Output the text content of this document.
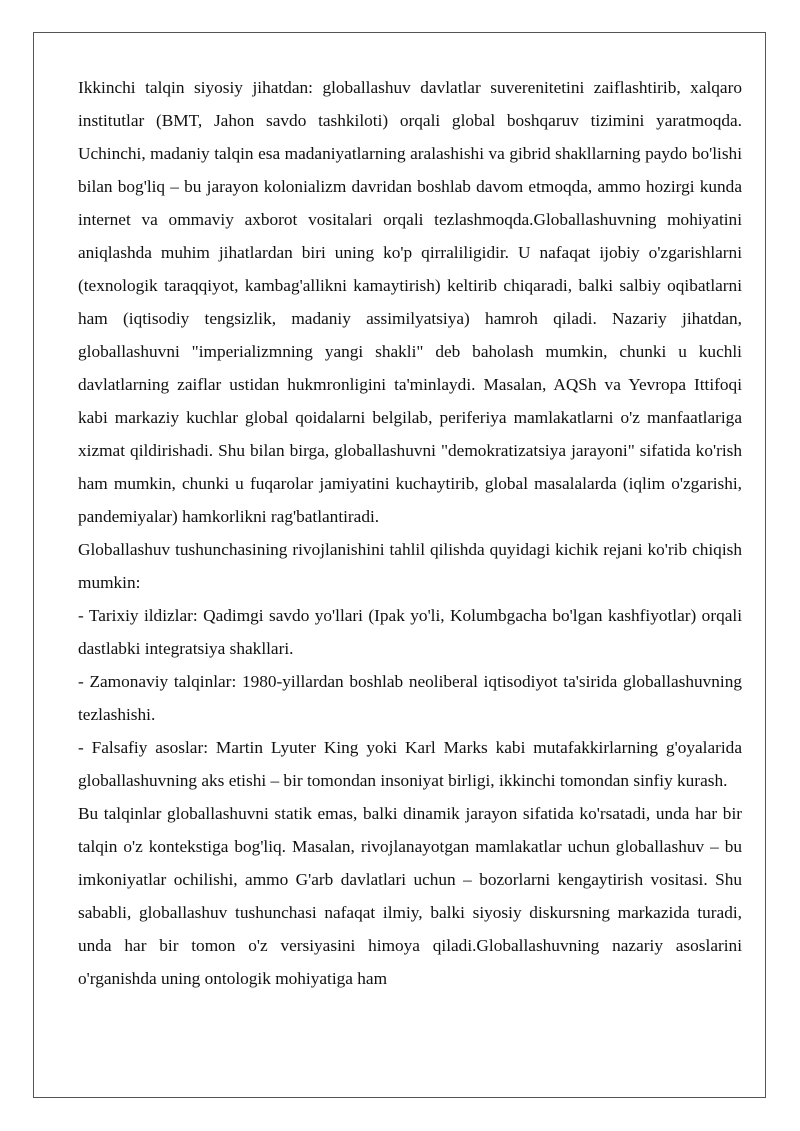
Ikkinchi talqin siyosiy jihatdan: globallashuv davlatlar suverenitetini zaiflashtirib, xalqaro institutlar (BMT, Jahon savdo tashkiloti) orqali global boshqaruv tizimini yaratmoqda. Uchinchi, madaniy talqin esa madaniyatlarning aralashishi va gibrid shakllarning paydo bo'lishi bilan bog'liq – bu jarayon kolonializm davridan boshlab davom etmoqda, ammo hozirgi kunda internet va ommaviy axborot vositalari orqali tezlashmoqda.Globallashuvning mohiyatini aniqlashda muhim jihatlardan biri uning ko'p qirraliligidir. U nafaqat ijobiy o'zgarishlarni (texnologik taraqqiyot, kambag'allikni kamaytirish) keltirib chiqaradi, balki salbiy oqibatlarni ham (iqtisodiy tengsizlik, madaniy assimilyatsiya) hamroh qiladi. Nazariy jihatdan, globallashuvni "imperializmning yangi shakli" deb baholash mumkin, chunki u kuchli davlatlarning zaiflar ustidan hukmronligini ta'minlaydi. Masalan, AQSh va Yevropa Ittifoqi kabi markaziy kuchlar global qoidalarni belgilab, periferiya mamlakatlarni o'z manfaatlariga xizmat qildirishadi. Shu bilan birga, globallashuvni "demokratizatsiya jarayoni" sifatida ko'rish ham mumkin, chunki u fuqarolar jamiyatini kuchaytirib, global masalalarda (iqlim o'zgarishi, pandemiyalar) hamkorlikni rag'batlantiradi.

Globallashuv tushunchasining rivojlanishini tahlil qilishda quyidagi kichik rejani ko'rib chiqish mumkin:

- Tarixiy ildizlar: Qadimgi savdo yo'llari (Ipak yo'li, Kolumbgacha bo'lgan kashfiyotlar) orqali dastlabki integratsiya shakllari.

- Zamonaviy talqinlar: 1980-yillardan boshlab neoliberal iqtisodiyot ta'sirida globallashuvning tezlashishi.

- Falsafiy asoslar: Martin Lyuter King yoki Karl Marks kabi mutafakkirlarning g'oyalarida globallashuvning aks etishi – bir tomondan insoniyat birligi, ikkinchi tomondan sinfiy kurash.

Bu talqinlar globallashuvni statik emas, balki dinamik jarayon sifatida ko'rsatadi, unda har bir talqin o'z kontekstiga bog'liq. Masalan, rivojlanayotgan mamlakatlar uchun globallashuv – bu imkoniyatlar ochilishi, ammo G'arb davlatlari uchun – bozorlarni kengaytirish vositasi. Shu sababli, globallashuv tushunchasi nafaqat ilmiy, balki siyosiy diskursning markazida turadi, unda har bir tomon o'z versiyasini himoya qiladi.Globallashuvning nazariy asoslarini o'rganishda uning ontologik mohiyatiga ham
